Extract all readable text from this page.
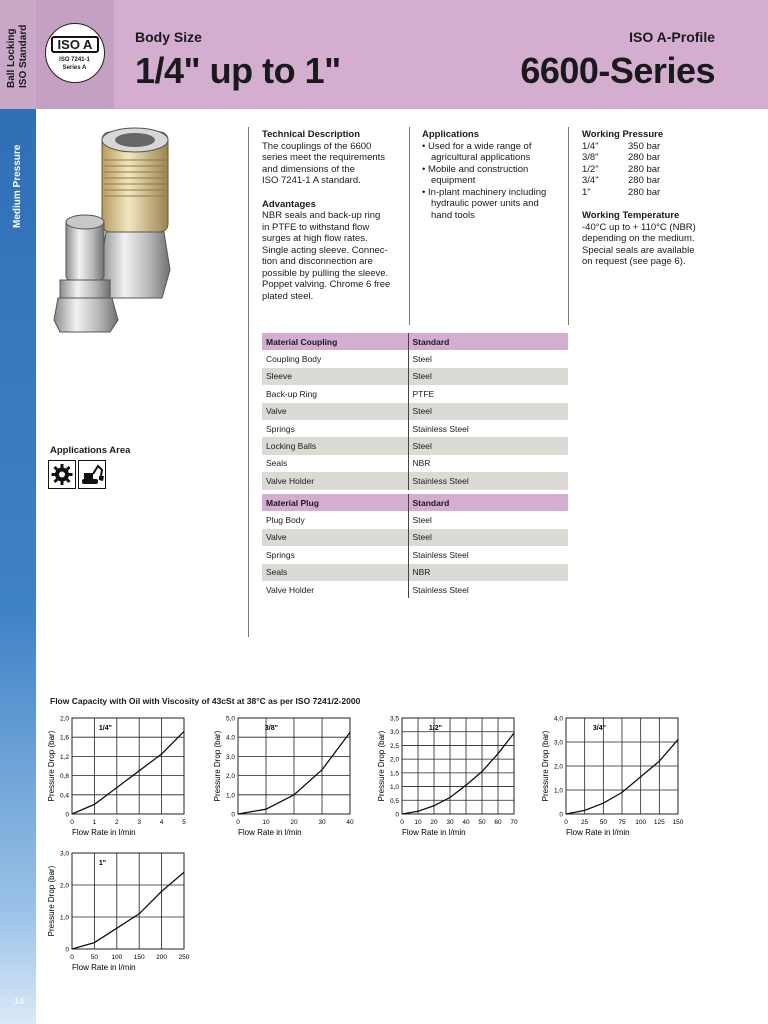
Ball Locking ISO Standard
Medium Pressure
14
ISO A
ISO 7241-1
Series A
Body Size
1/4" up to 1"
ISO A-Profile
6600-Series
Technical Description
The couplings of the 6600
series meet the requirements
and dimensions of the
ISO 7241-1 A standard.
Advantages
NBR seals and back-up ring
in PTFE to withstand flow
surges at high flow rates.
Single acting sleeve. Connec-
tion and disconnection are
possible by pulling the sleeve.
Poppet valving. Chrome 6 free
plated steel.
Applications
• Used for a wide range of
agricultural applications
• Mobile and construction
equipment
• In-plant machinery including
hydraulic power units and
hand tools
Working Pressure
1/4"	350 bar
3/8"	280 bar
1/2"	280 bar
3/4"	280 bar
1"	280 bar
Working Temperature
-40°C up to + 110°C (NBR)
depending on the medium.
Special seals are available
on request (see page 6).
Applications Area
Material Coupling	Standard
Coupling Body	Steel
Sleeve	Steel
Back-up Ring	PTFE
Valve	Steel
Springs	Stainless Steel
Locking Balls	Steel
Seals	NBR
Valve Holder	Stainless Steel
Material Plug	Standard
Plug Body	Steel
Valve	Steel
Springs	Stainless Steel
Seals	NBR
Valve Holder	Stainless Steel
Flow Capacity with Oil with Viscosity of 43cSt at 38°C as per ISO 7241/2-2000
0	1	2	3	4	5
0
0,4
0,8
1,2
1,6
2,0
1/4"
Flow Rate in l/min
Pressure Drop (bar)
0	10	20	30	40
0
1,0
2,0
3,0
4,0
5,0
3/8"
Flow Rate in l/min
Pressure Drop (bar)
0 10 20 30 40 50 60 70
0
0,5
1,0
1,5
2,0
2,5
3,0
3,5
1/2"
Flow Rate in l/min
Pressure Drop (bar)
0 25 50 75 100 125 150
0
1,0
2,0
3,0
4,0
3/4"
Flow Rate in l/min
Pressure Drop (bar)
0	50 100 150 200 250
0
1,0
2,0
3,0
1"
Flow Rate in l/min
Pressure Drop (bar)
